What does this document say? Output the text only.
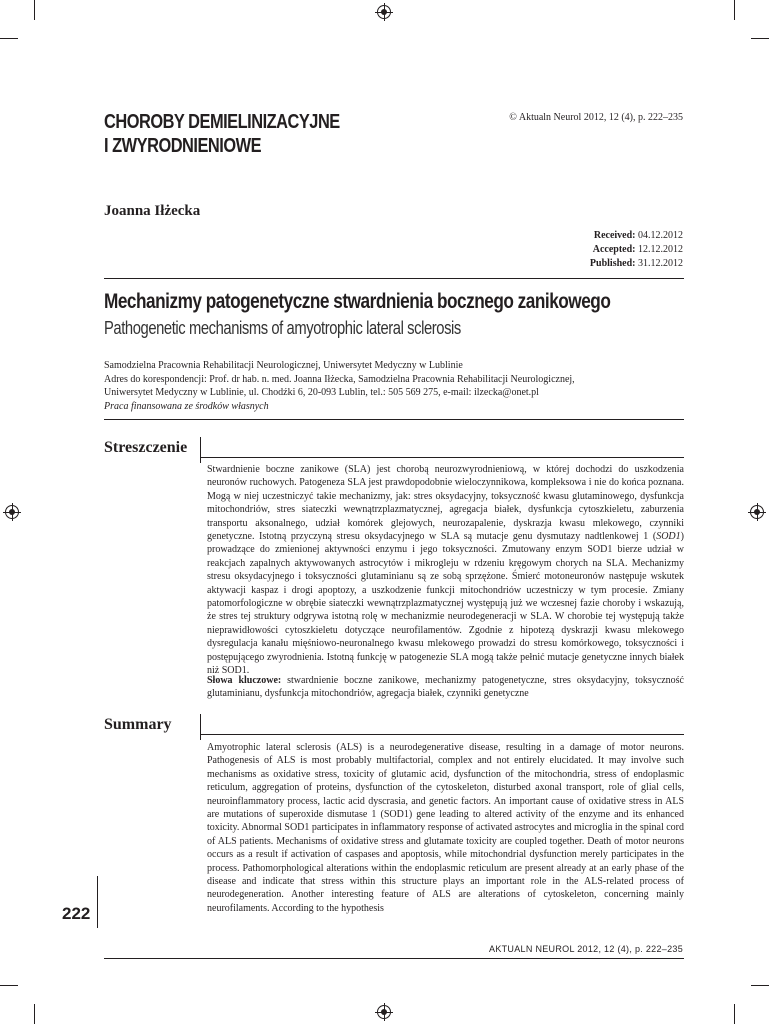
CHOROBY DEMIELINIZACYJNE
I ZWYRODNIENIOWE
© Aktualn Neurol 2012, 12 (4), p. 222–235
Joanna Iłżecka
Received: 04.12.2012
Accepted: 12.12.2012
Published: 31.12.2012
Mechanizmy patogenetyczne stwardnienia bocznego zanikowego
Pathogenetic mechanisms of amyotrophic lateral sclerosis
Samodzielna Pracownia Rehabilitacji Neurologicznej, Uniwersytet Medyczny w Lublinie
Adres do korespondencji: Prof. dr hab. n. med. Joanna Iłżecka, Samodzielna Pracownia Rehabilitacji Neurologicznej,
Uniwersytet Medyczny w Lublinie, ul. Chodźki 6, 20-093 Lublin, tel.: 505 569 275, e-mail: ilzecka@onet.pl
Praca finansowana ze środków własnych
Streszczenie
Stwardnienie boczne zanikowe (SLA) jest chorobą neurozwyrodnieniową, w której dochodzi do uszkodzenia neuronów ruchowych. Patogeneza SLA jest prawdopodobnie wieloczynnikowa, kompleksowa i nie do końca poznana. Mogą w niej uczestniczyć takie mechanizmy, jak: stres oksydacyjny, toksyczność kwasu glutaminowego, dysfunkcja mitochondriów, stres siateczki wewnątrzplazmatycznej, agregacja białek, dysfunkcja cytoszkieletu, zaburzenia transportu aksonalnego, udział komórek glejowych, neurozapalenie, dyskrazja kwasu mlekowego, czynniki genetyczne. Istotną przyczyną stresu oksydacyjnego w SLA są mutacje genu dysmutazy nadtlenkowej 1 (SOD1) prowadzące do zmienionej aktywności enzymu i jego toksyczności. Zmutowany enzym SOD1 bierze udział w reakcjach zapalnych aktywowanych astrocytów i mikrogleju w rdzeniu kręgowym chorych na SLA. Mechanizmy stresu oksydacyjnego i toksyczności glutaminianu są ze sobą sprzężone. Śmierć motoneuronów następuje wskutek aktywacji kaspaz i drogi apoptozy, a uszkodzenie funkcji mitochondriów uczestniczy w tym procesie. Zmiany patomorfologiczne w obrębie siateczki wewnątrzplazmatycznej występują już we wczesnej fazie choroby i wskazują, że stres tej struktury odgrywa istotną rolę w mechanizmie neurodegeneracji w SLA. W chorobie tej występują także nieprawidłowości cytoszkieletu dotyczące neurofilamentów. Zgodnie z hipotezą dyskrazji kwasu mlekowego dysregulacja kanału mięśniowo-neuronalnego kwasu mlekowego prowadzi do stresu komórkowego, toksyczności i postępującego zwyrodnienia. Istotną funkcję w patogenezie SLA mogą także pełnić mutacje genetyczne innych białek niż SOD1.
Słowa kluczowe: stwardnienie boczne zanikowe, mechanizmy patogenetyczne, stres oksydacyjny, toksyczność glutaminianu, dysfunkcja mitochondriów, agregacja białek, czynniki genetyczne
Summary
Amyotrophic lateral sclerosis (ALS) is a neurodegenerative disease, resulting in a damage of motor neurons. Pathogenesis of ALS is most probably multifactorial, complex and not entirely elucidated. It may involve such mechanisms as oxidative stress, toxicity of glutamic acid, dysfunction of the mitochondria, stress of endoplasmic reticulum, aggregation of proteins, dysfunction of the cytoskeleton, disturbed axonal transport, role of glial cells, neuroinflammatory process, lactic acid dyscrasia, and genetic factors. An important cause of oxidative stress in ALS are mutations of superoxide dismutase 1 (SOD1) gene leading to altered activity of the enzyme and its enhanced toxicity. Abnormal SOD1 participates in inflammatory response of activated astrocytes and microglia in the spinal cord of ALS patients. Mechanisms of oxidative stress and glutamate toxicity are coupled together. Death of motor neurons occurs as a result if activation of caspases and apoptosis, while mitochondrial dysfunction merely participates in the process. Pathomorphological alterations within the endoplasmic reticulum are present already at an early phase of the disease and indicate that stress within this structure plays an important role in the ALS-related process of neurodegeneration. Another interesting feature of ALS are alterations of cytoskeleton, concerning mainly neurofilaments. According to the hypothesis
222
AKTUALN NEUROL 2012, 12 (4), p. 222–235
